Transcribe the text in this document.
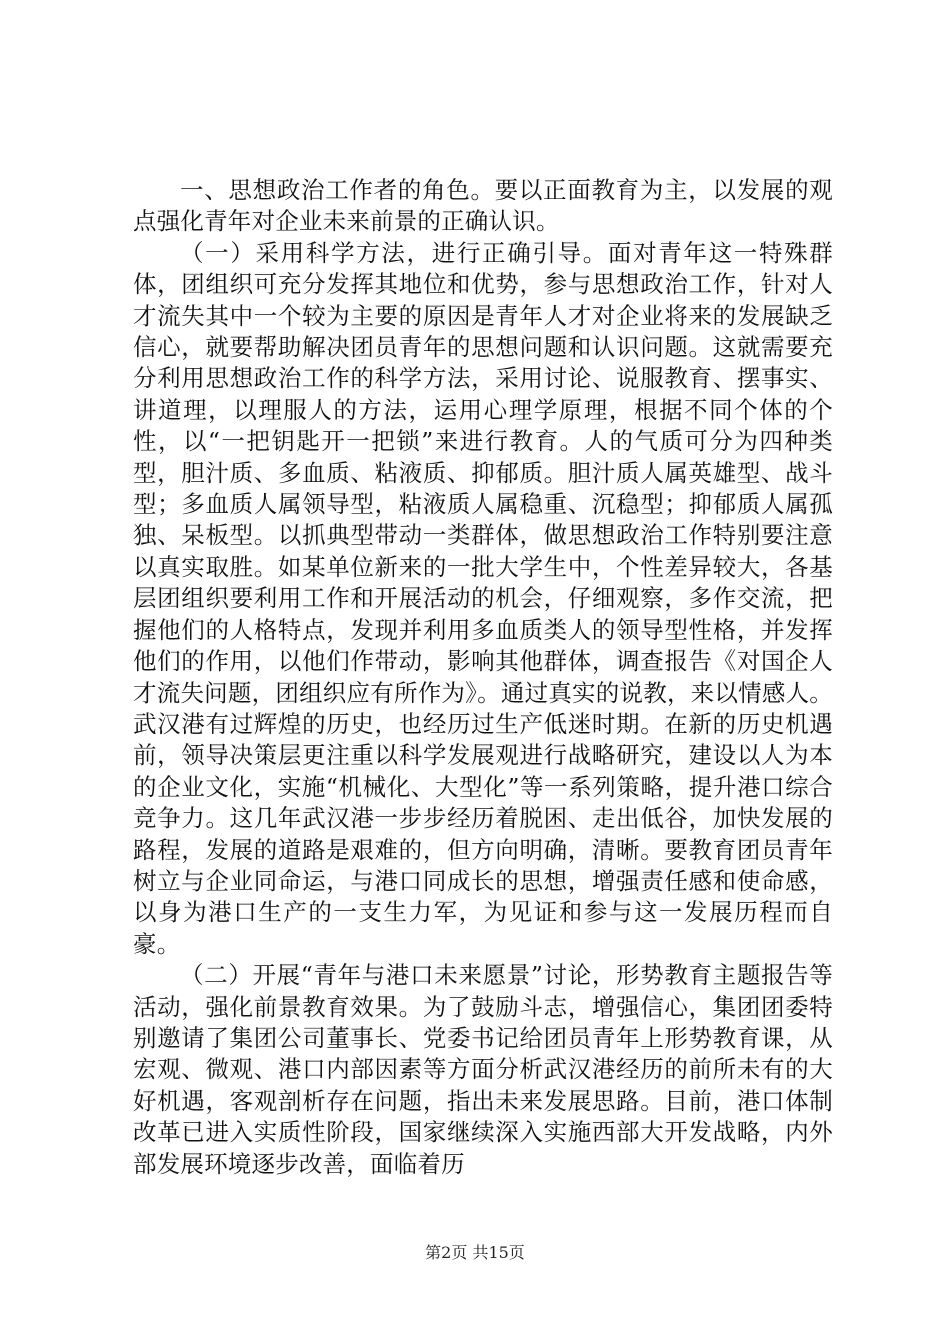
一、思想政治工作者的角色。要以正面教育为主，以发展的观点强化青年对企业未来前景的正确认识。

（一）采用科学方法，进行正确引导。面对青年这一特殊群体，团组织可充分发挥其地位和优势，参与思想政治工作，针对人才流失其中一个较为主要的原因是青年人才对企业将来的发展缺乏信心，就要帮助解决团员青年的思想问题和认识问题。这就需要充分利用思想政治工作的科学方法，采用讨论、说服教育、摆事实、讲道理，以理服人的方法，运用心理学原理，根据不同个体的个性，以“一把钥匙开一把锁”来进行教育。人的气质可分为四种类型，胆汁质、多血质、粘液质、抑郁质。胆汁质人属英雄型、战斗型；多血质人属领导型，粘液质人属稳重、沉稳型；抑郁质人属孤独、呆板型。以抓典型带动一类群体，做思想政治工作特别要注意以真实取胜。如某单位新来的一批大学生中，个性差异较大，各基层团组织要利用工作和开展活动的机会，仔细观察，多作交流，把握他们的人格特点，发现并利用多血质类人的领导型性格，并发挥他们的作用，以他们作带动，影响其他群体，调查报告《对国企人才流失问题，团组织应有所作为》。通过真实的说教，来以情感人。武汉港有过辉煌的历史，也经历过生产低迷时期。在新的历史机遇前，领导决策层更注重以科学发展观进行战略研究，建设以人为本的企业文化，实施“机械化、大型化”等一系列策略，提升港口综合竞争力。这几年武汉港一步步经历着脱困、走出低谷，加快发展的路程，发展的道路是艰难的，但方向明确，清晰。要教育团员青年树立与企业同命运，与港口同成长的思想，增强责任感和使命感，以身为港口生产的一支生力军，为见证和参与这一发展历程而自豪。

（二）开展“青年与港口未来愿景”讨论，形势教育主题报告等活动，强化前景教育效果。为了鼓励斗志，增强信心，集团团委特别邀请了集团公司董事长、党委书记给团员青年上形势教育课，从宏观、微观、港口内部因素等方面分析武汉港经历的前所未有的大好机遇，客观剖析存在问题，指出未来发展思路。目前，港口体制改革已进入实质性阶段，国家继续深入实施西部大开发战略，内外部发展环境逐步改善，面临着历

第2页 共15页
